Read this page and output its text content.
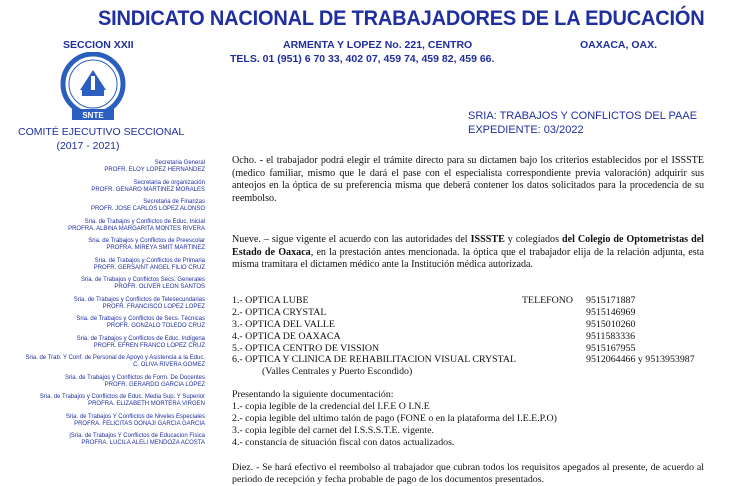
SINDICATO NACIONAL DE TRABAJADORES DE LA EDUCACIÓN
SECCION XXII	ARMENTA Y LOPEZ No. 221, CENTRO	OAXACA, OAX.
TELS. 01 (951) 6 70 33, 402 07, 459 74, 459 82, 459 66.
SNTE
COMITÉ EJECUTIVO SECCIONAL
(2017 - 2021)
Secretaria General
PROFR. ELOY LOPEZ HERNANDEZ
Secretaria de organización
PROFR. GENARO MARTINEZ MORALES
Secretaria de Finanzas
PROFR. JOSE CARLOS LOPEZ ALONSO
Sria. de Trabajos y Conflictos de Educ. Inicial
PROFRA. ALBINA MARGARITA MONTES RIVERA
Sria. de Trabajos y Conflictos de Preescolar
PROFRA. MIREYA SMIT MARTINEZ
Sria. de Trabajos y Conflictos de Primaria
PROFR. GERSAINT ANGEL FILIO CRUZ
Sria. de Trabajos y Conflictos Secs. Generales
PROFR. OLIVER LEON SANTOS
Sria. de Trabajos y Conflictos de Telesecundarias
PROFR. FRANCISCO LOPEZ LOPEZ
Sria. de Trabajos y Conflictos de Secs. Técnicas
PROFR. GONZALO TOLEDO CRUZ
Sria. de Trabajos y Conflictos de Educ. Indígena
PROFR. EFREN FRANCO LOPEZ CRUZ
Sria. de Trab. Y Conf. de Personal de Apoyo y Asistencia a la Educ.
C. OLIVA RIVERA GOMEZ
Sria. de Trabajos y Conflictos de Form. De Docentes
PROFR. GERARDO GARCIA LOPEZ
Sria. de Trabajos y Conflictos de Educ. Media Sup. Y Superior
PROFRA. ELIZABETH MORTERA VIRGEN
Sria. de Trabajos Y Conflictos de Niveles Especiales
PROFRA. FELICITAS DONAJI GARCIA GARCIA
|Sria. de Trabajos Y Conflictos de Educacion Fisica
PROFRA. LUCILA ALELI MENDOZA ACOSTA
SRIA: TRABAJOS Y CONFLICTOS DEL PAAE
EXPEDIENTE: 03/2022
Ocho. - el trabajador podrá elegir el trámite directo para su dictamen bajo los criterios establecidos por el ISSSTE (medico familiar, mismo que le dará el pase con el especialista correspondiente previa valoración) adquirir sus anteojos en la óptica de su preferencia misma que deberá contener los datos solicitados para la procedencia de su reembolso.
Nueve. – sigue vigente el acuerdo con las autoridades del ISSSTE y colegiados del Colegio de Optometristas del Estado de Oaxaca, en la prestación antes mencionada. la óptica que el trabajador elija de la relación adjunta, esta misma tramitara el dictamen médico ante la Institución médica autorizada.
1.- OPTICA LUBE	TELEFONO 9515171887
2.- OPTICA CRYSTAL	9515146969
3.- OPTICA DEL VALLE	9515010260
4.- OPTICA DE OAXACA	9511583336
5.- OPTICA CENTRO DE VISSION	9515167955
6.- OPTICA Y CLINICA DE REHABILITACION VISUAL CRYSTAL	9512064466 y 9513953987
(Valles Centrales y Puerto Escondido)
Presentando la siguiente documentación:
1.- copia legible de la credencial del I.F.E O I.N.E
2.- copia legible del ultimo talón de pago (FONE o en la plataforma del I.E.E.P.O)
3.- copia legible del carnet del I.S.S.S.T.E. vigente.
4.- constancia de situación fiscal con datos actualizados.
Diez. - Se hará efectivo el reembolso al trabajador que cubran todos los requisitos apegados al presente, de acuerdo al periodo de recepción y fecha probable de pago de los documentos presentados.
